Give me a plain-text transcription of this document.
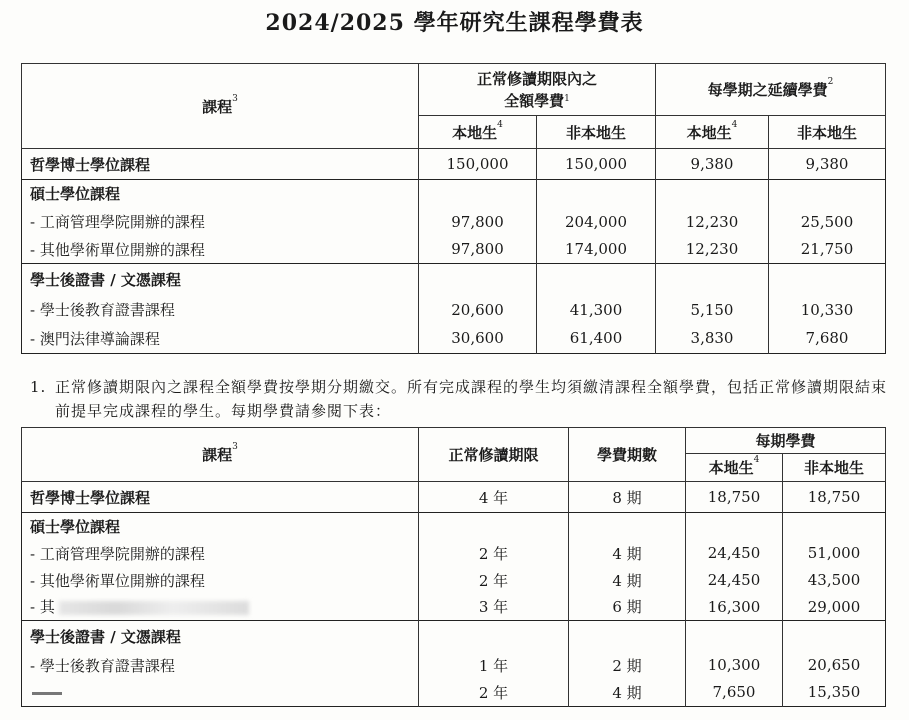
2024/2025 學年研究生課程學費表
課程$^3$	正常修讀期限內之
全額學費$^1$		每學期之延續學費$^2$
	本地生$^4$	非本地生	本地生$^4$	非本地生
哲學博士學位課程	150,000	150,000	9,380	9,380
碩士學位課程				
- 工商管理學院開辦的課程	97,800	204,000	12,230	25,500
- 其他學術單位開辦的課程	97,800	174,000	12,230	21,750
學士後證書 / 文憑課程				
- 學士後教育證書課程	20,600	41,300	5,150	10,330
- 澳門法律導論課程	30,600	61,400	3,830	7,680
1. 正常修讀期限內之課程全額學費按學期分期繳交。所有完成課程的學生均須繳清課程全額學費，包括正常修讀期限結束前提早完成課程的學生。每期學費請參閱下表：
課程$^3$	正常修讀期限	學費期數	每期學費	
			本地生$^4$	非本地生
哲學博士學位課程	4 年	8 期	18,750	18,750
碩士學位課程				
- 工商管理學院開辦的課程	2 年	4 期	24,450	51,000
- 其他學術單位開辦的課程	2 年	4 期	24,450	43,500
- 其	3 年	6 期	16,300	29,000
學士後證書 / 文憑課程				
- 學士後教育證書課程	1 年	2 期	10,300	20,650
	2 年	4 期	7,650	15,350
